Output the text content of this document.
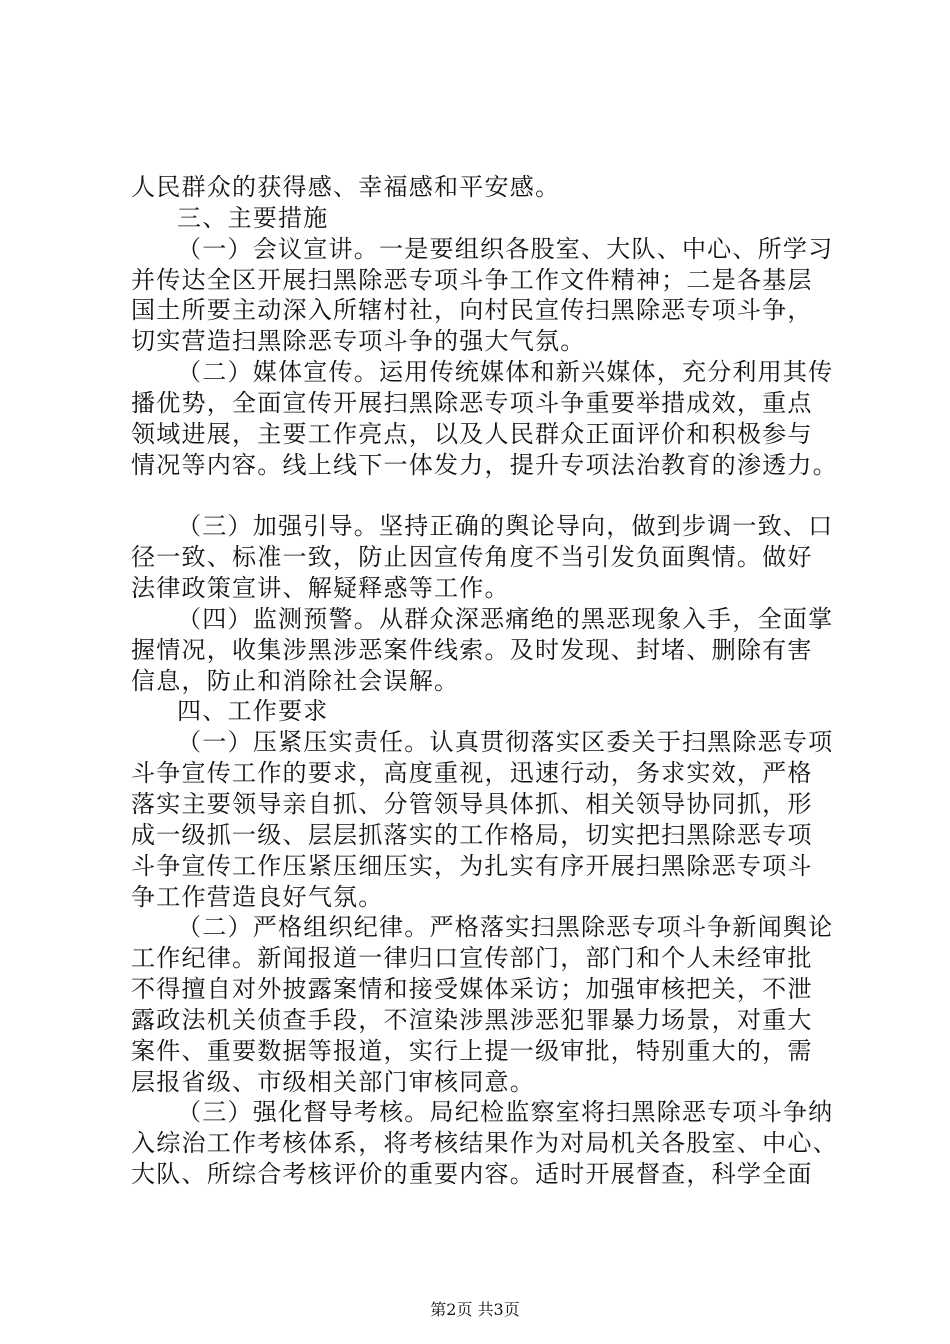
人民群众的获得感、幸福感和平安感。
三、主要措施
（一）会议宣讲。一是要组织各股室、大队、中心、所学习
并传达全区开展扫黑除恶专项斗争工作文件精神；二是各基层
国土所要主动深入所辖村社，向村民宣传扫黑除恶专项斗争，
切实营造扫黑除恶专项斗争的强大气氛。
（二）媒体宣传。运用传统媒体和新兴媒体，充分利用其传
播优势，全面宣传开展扫黑除恶专项斗争重要举措成效，重点
领域进展，主要工作亮点，以及人民群众正面评价和积极参与
情况等内容。线上线下一体发力，提升专项法治教育的渗透力。
（三）加强引导。坚持正确的舆论导向，做到步调一致、口
径一致、标准一致，防止因宣传角度不当引发负面舆情。做好
法律政策宣讲、解疑释惑等工作。
（四）监测预警。从群众深恶痛绝的黑恶现象入手，全面掌
握情况，收集涉黑涉恶案件线索。及时发现、封堵、删除有害
信息，防止和消除社会误解。
四、工作要求
（一）压紧压实责任。认真贯彻落实区委关于扫黑除恶专项
斗争宣传工作的要求，高度重视，迅速行动，务求实效，严格
落实主要领导亲自抓、分管领导具体抓、相关领导协同抓，形
成一级抓一级、层层抓落实的工作格局，切实把扫黑除恶专项
斗争宣传工作压紧压细压实，为扎实有序开展扫黑除恶专项斗
争工作营造良好气氛。
（二）严格组织纪律。严格落实扫黑除恶专项斗争新闻舆论
工作纪律。新闻报道一律归口宣传部门，部门和个人未经审批
不得擅自对外披露案情和接受媒体采访；加强审核把关，不泄
露政法机关侦查手段，不渲染涉黑涉恶犯罪暴力场景，对重大
案件、重要数据等报道，实行上提一级审批，特别重大的，需
层报省级、市级相关部门审核同意。
（三）强化督导考核。局纪检监察室将扫黑除恶专项斗争纳
入综治工作考核体系，将考核结果作为对局机关各股室、中心、
大队、所综合考核评价的重要内容。适时开展督查，科学全面
第2页 共3页
